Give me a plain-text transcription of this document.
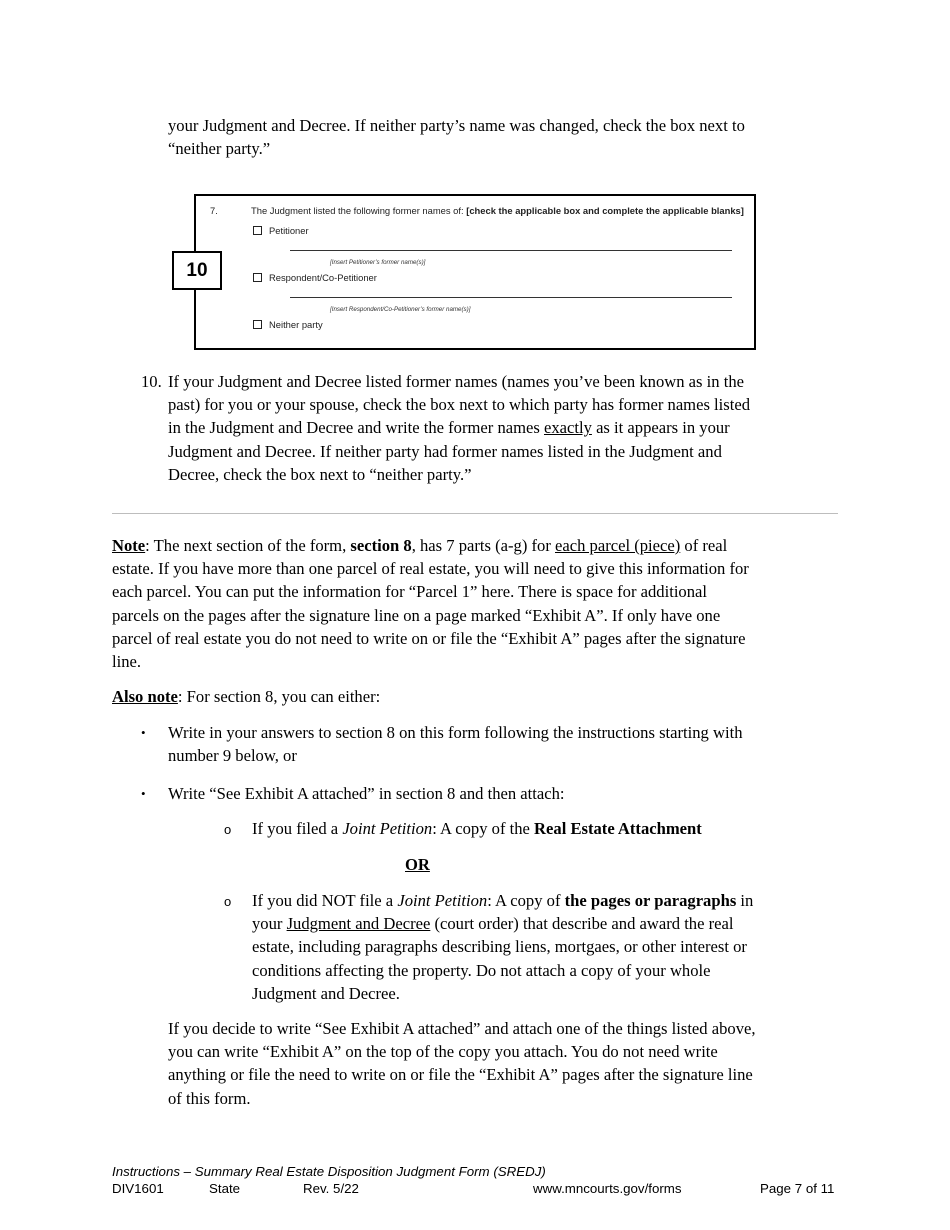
your Judgment and Decree. If neither party’s name was changed, check the box next to
“neither party.”
7.	The Judgment listed the following former names of: [check the applicable box and complete the applicable blanks]
Petitioner
[Insert Petitioner’s former name(s)]
Respondent/Co-Petitioner
[Insert Respondent/Co-Petitioner’s former name(s)]
Neither party
10
10. If your Judgment and Decree listed former names (names you’ve been known as in the
past) for you or your spouse, check the box next to which party has former names listed
in the Judgment and Decree and write the former names exactly as it appears in your
Judgment and Decree. If neither party had former names listed in the Judgment and
Decree, check the box next to “neither party.”
Note: The next section of the form, section 8, has 7 parts (a-g) for each parcel (piece) of real
estate. If you have more than one parcel of real estate, you will need to give this information for
each parcel. You can put the information for “Parcel 1” here. There is space for additional
parcels on the pages after the signature line on a page marked “Exhibit A”. If only have one
parcel of real estate you do not need to write on or file the “Exhibit A” pages after the signature
line.
Also note: For section 8, you can either:
• Write in your answers to section 8 on this form following the instructions starting with
number 9 below, or
• Write “See Exhibit A attached” in section 8 and then attach:
o If you filed a Joint Petition: A copy of the Real Estate Attachment
OR
o If you did NOT file a Joint Petition: A copy of the pages or paragraphs in
your Judgment and Decree (court order) that describe and award the real
estate, including paragraphs describing liens, mortgaes, or other interest or
conditions affecting the property. Do not attach a copy of your whole
Judgment and Decree.
If you decide to write “See Exhibit A attached” and attach one of the things listed above,
you can write “Exhibit A” on the top of the copy you attach. You do not need write
anything or file the need to write on or file the “Exhibit A” pages after the signature line
of this form.
Instructions – Summary Real Estate Disposition Judgment Form (SREDJ)
DIV1601	State	Rev. 5/22	www.mncourts.gov/forms	Page 7 of 11
